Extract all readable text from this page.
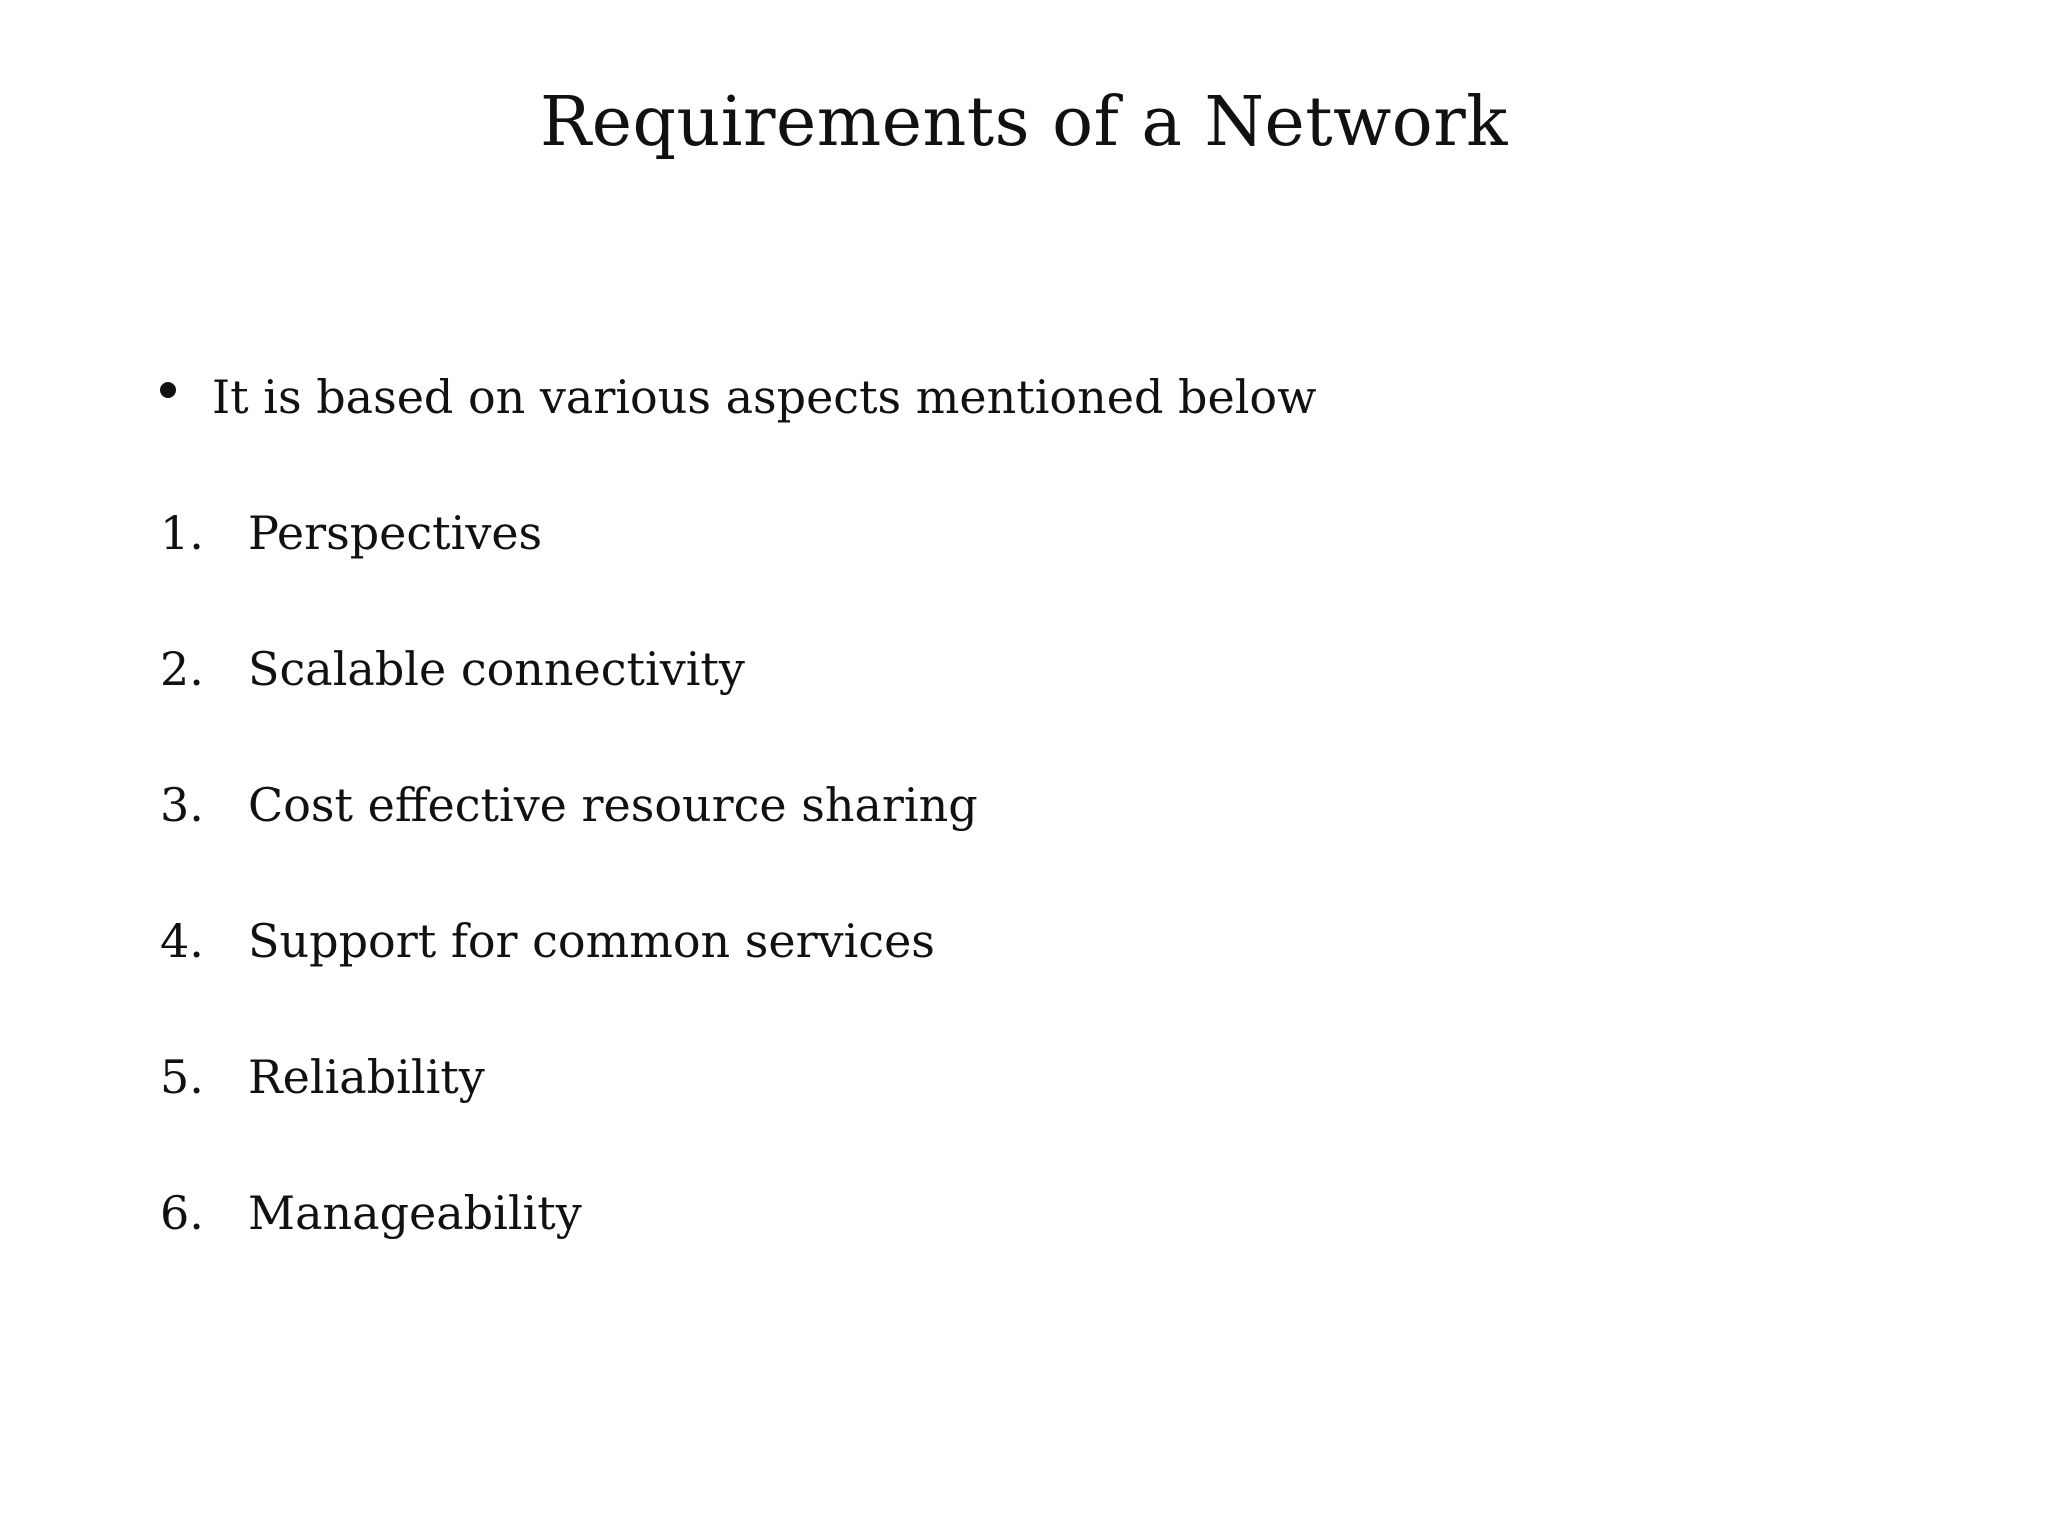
Requirements of a Network
It is based on various aspects mentioned below
1. Perspectives
2. Scalable connectivity
3. Cost effective resource sharing
4. Support for common services
5. Reliability
6. Manageability
